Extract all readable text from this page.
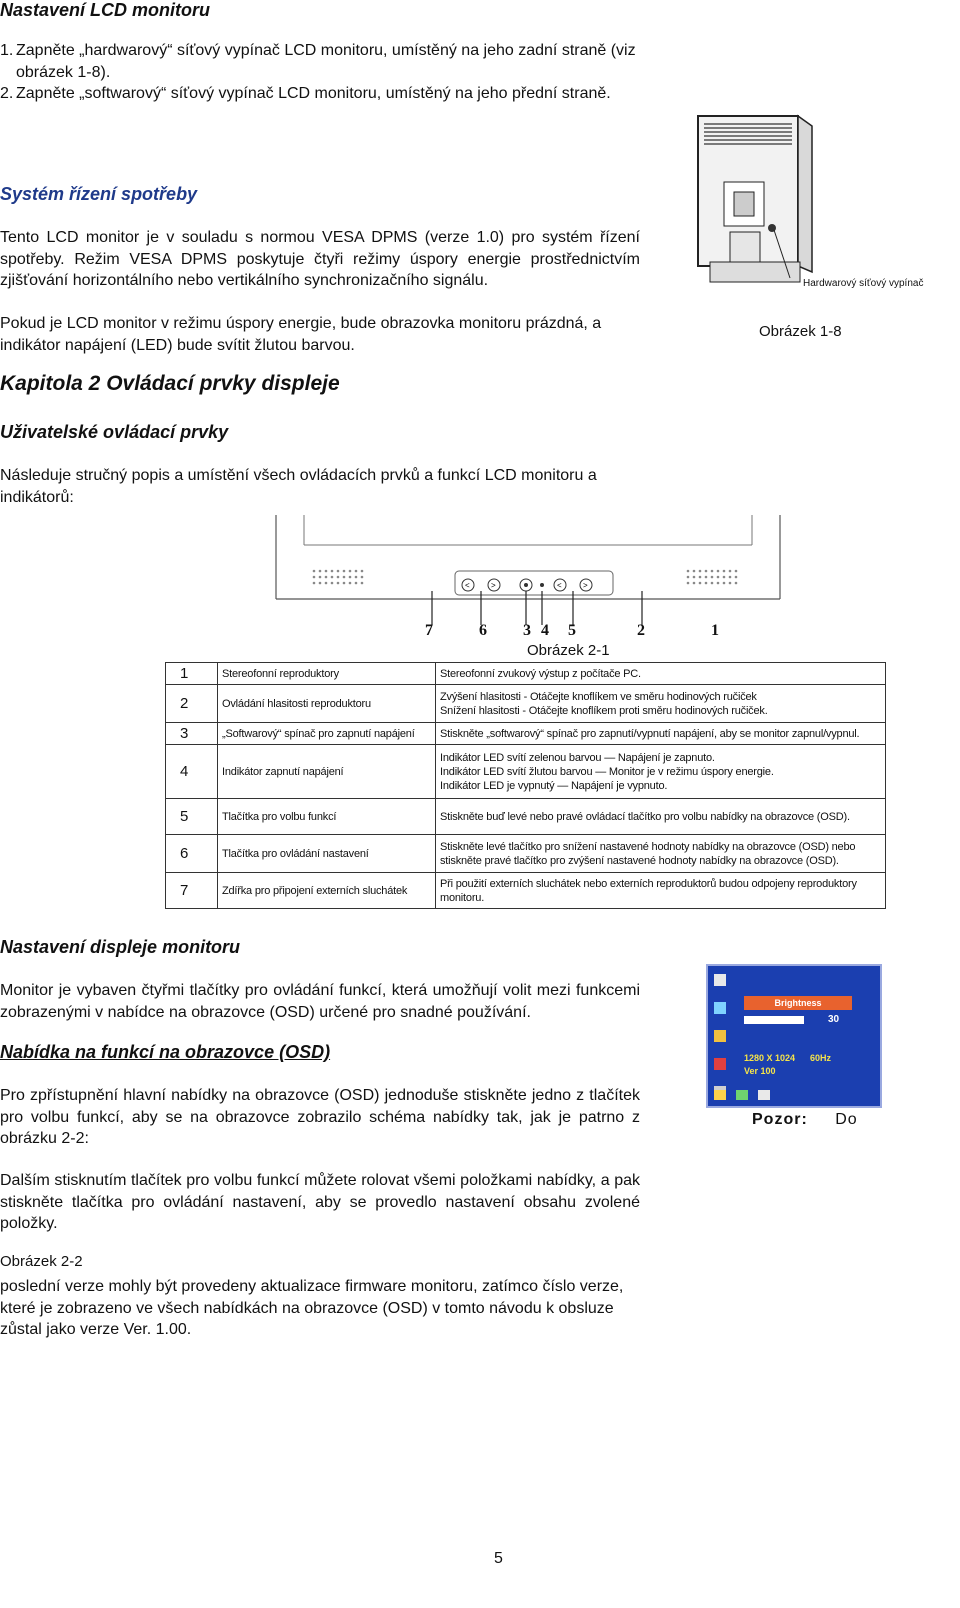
Nastavení LCD monitoru
1. Zapněte „hardwarový“ síťový vypínač LCD monitoru, umístěný na jeho zadní straně (viz obrázek 1-8).
2. Zapněte „softwarový“ síťový vypínač LCD monitoru, umístěný na jeho přední straně.
Systém řízení spotřeby
Tento LCD monitor je v souladu s normou VESA DPMS (verze 1.0) pro systém řízení spotřeby. Režim VESA DPMS poskytuje čtyři režimy úspory energie prostřednictvím zjišťování horizontálního nebo vertikálního synchronizačního signálu.
Pokud je LCD monitor v režimu úspory energie, bude obrazovka monitoru prázdná, a indikátor napájení (LED) bude svítit žlutou barvou.
Hardwarový síťový vypínač
Obrázek 1-8
Kapitola 2 Ovládací prvky displeje
Uživatelské ovládací prvky
Následuje stručný popis a umístění všech ovládacích prvků a funkcí LCD monitoru a indikátorů:
<	>	<	>
7	6 3 4 5	2	1
Obrázek 2-1
1	Stereofonní reproduktory	Stereofonní zvukový výstup z počítače PC.
2	Ovládání hlasitosti reproduktoru	Zvýšení hlasitosti - Otáčejte knoflíkem ve směru hodinových ručiček
Snížení hlasitosti - Otáčejte knoflíkem proti směru hodinových ručiček.

3	„Softwarový“ spínač pro zapnutí napájení	Stiskněte „softwarový“ spínač pro zapnutí/vypnutí napájení, aby se monitor zapnul/vypnul.
4	Indikátor zapnutí napájení	Indikátor LED svítí zelenou barvou — Napájení je zapnuto.
Indikátor LED svítí žlutou barvou — Monitor je v režimu úspory energie.
Indikátor LED je vypnutý — Napájení je vypnuto.

5	Tlačítka pro volbu funkcí	Stiskněte buď levé nebo pravé ovládací tlačítko pro volbu nabídky na obrazovce (OSD).
6	Tlačítka pro ovládání nastavení	Stiskněte levé tlačítko pro snížení nastavené hodnoty nabídky na obrazovce (OSD) nebo
stiskněte pravé tlačítko pro zvýšení nastavené hodnoty nabídky na obrazovce (OSD).

7	Zdířka pro připojení externích sluchátek	Při použití externích sluchátek nebo externích reproduktorů budou odpojeny reproduktory
monitoru.
Nastavení displeje monitoru
Monitor je vybaven čtyřmi tlačítky pro ovládání funkcí, která umožňují volit mezi funkcemi zobrazenými v nabídce na obrazovce (OSD) určené pro snadné používání.
Nabídka na funkcí na obrazovce (OSD)
Pro zpřístupnění hlavní nabídky na obrazovce (OSD) jednoduše stiskněte jedno z tlačítek pro volbu funkcí, aby se na obrazovce zobrazilo schéma nabídky tak, jak je patrno z obrázku 2-2:
Dalším stisknutím tlačítek pro volbu funkcí můžete rolovat všemi položkami nabídky, a pak stiskněte tlačítka pro ovládání nastavení, aby se provedlo nastavení obsahu zvolené položky.
Obrázek 2-2
poslední verze mohly být provedeny aktualizace firmware monitoru, zatímco číslo verze, které je zobrazeno ve všech nabídkách na obrazovce (OSD) v tomto návodu k obsluze zůstal jako verze Ver. 1.00.
Brightness
30
1280 X 1024 60Hz
Ver 100
Pozor: Do
5
